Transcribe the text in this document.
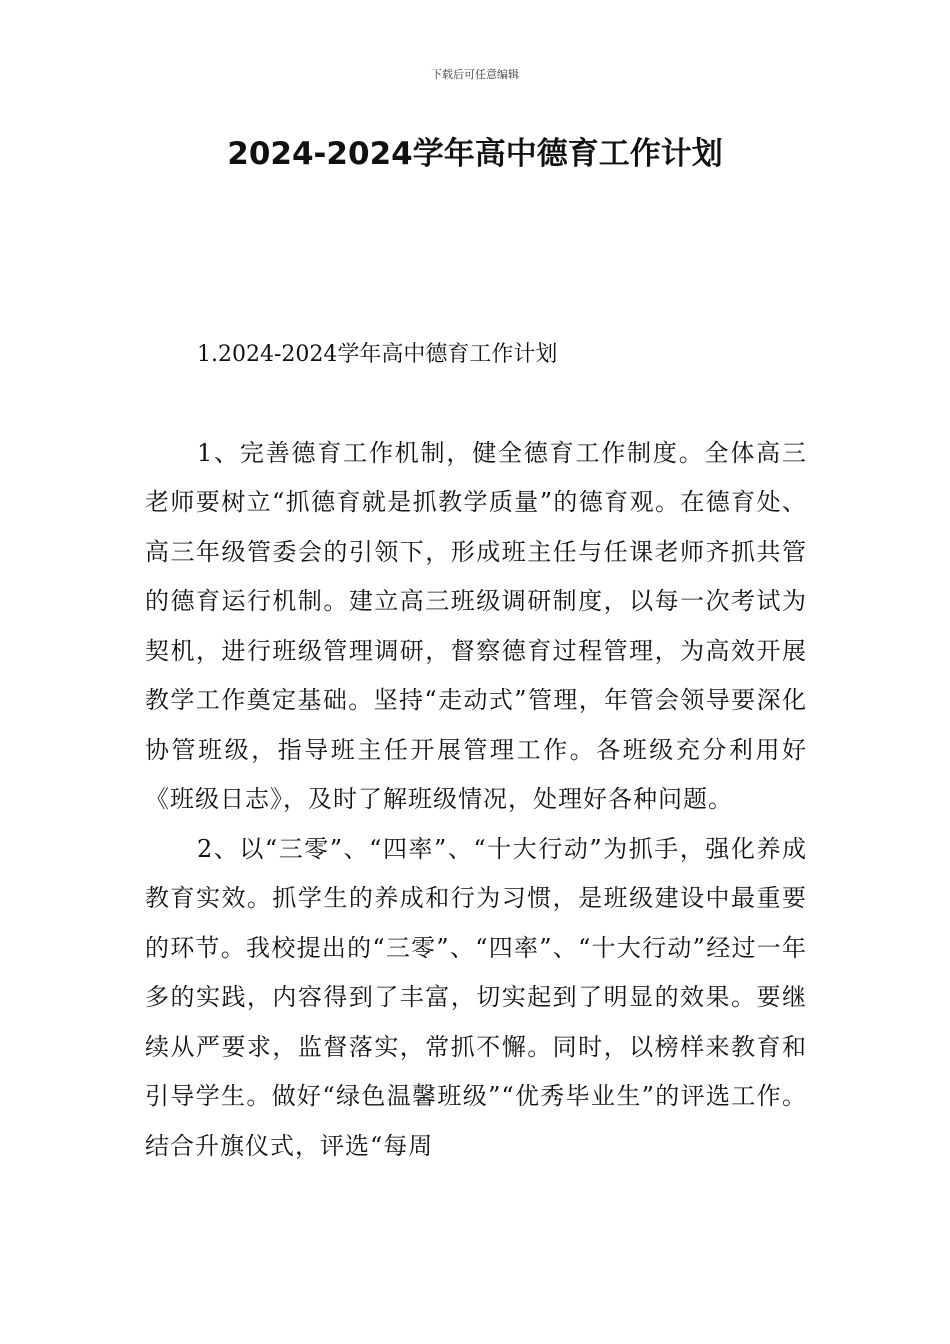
下载后可任意编辑
2024-2024学年高中德育工作计划

1.2024-2024学年高中德育工作计划

1、完善德育工作机制，健全德育工作制度。全体高三老师要树立“抓德育就是抓教学质量”的德育观。在德育处、高三年级管委会的引领下，形成班主任与任课老师齐抓共管的德育运行机制。建立高三班级调研制度，以每一次考试为契机，进行班级管理调研，督察德育过程管理，为高效开展教学工作奠定基础。坚持“走动式”管理，年管会领导要深化协管班级，指导班主任开展管理工作。各班级充分利用好《班级日志》，及时了解班级情况，处理好各种问题。

2、以“三零”、“四率”、“十大行动”为抓手，强化养成教育实效。抓学生的养成和行为习惯，是班级建设中最重要的环节。我校提出的“三零”、“四率”、“十大行动”经过一年多的实践，内容得到了丰富，切实起到了明显的效果。要继续从严要求，监督落实，常抓不懈。同时，以榜样来教育和引导学生。做好“绿色温馨班级”“优秀毕业生”的评选工作。结合升旗仪式，评选“每周
